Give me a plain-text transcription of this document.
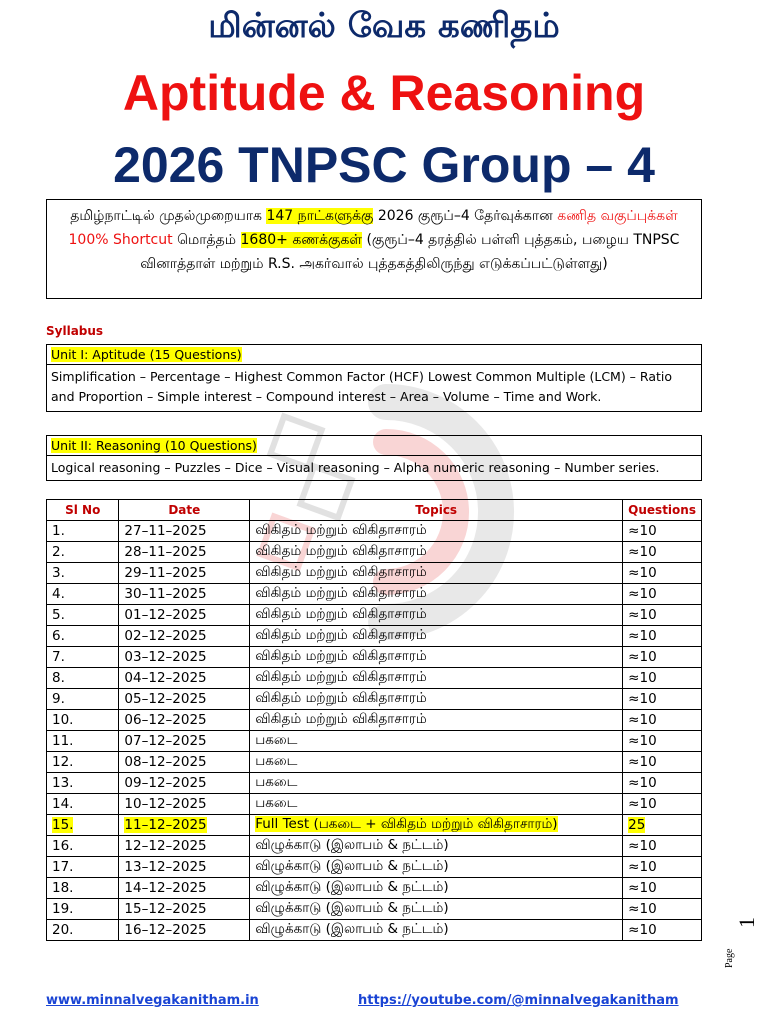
மின்னல் வேக கணிதம்
Aptitude & Reasoning
2026 TNPSC Group – 4
தமிழ்நாட்டில் முதல்முறையாக 147 நாட்களுக்கு 2026 குரூப்–4 தேர்வுக்கான கணித வகுப்புக்கள் 100% Shortcut மொத்தம் 1680+ கணக்குகள் (குரூப்–4 தரத்தில் பள்ளி புத்தகம், பழைய TNPSC வினாத்தாள் மற்றும் R.S. அகர்வால் புத்தகத்திலிருந்து எடுக்கப்பட்டுள்ளது)
Syllabus
Unit I: Aptitude (15 Questions)
Simplification – Percentage – Highest Common Factor (HCF) Lowest Common Multiple (LCM) – Ratio and Proportion – Simple interest – Compound interest – Area – Volume – Time and Work.
Unit II: Reasoning (10 Questions)
Logical reasoning – Puzzles – Dice – Visual reasoning – Alpha numeric reasoning – Number series.
Sl No	Date	Topics	Questions
1.	27–11–2025	விகிதம் மற்றும் விகிதாசாரம்	≈10
2.	28–11–2025	விகிதம் மற்றும் விகிதாசாரம்	≈10
3.	29–11–2025	விகிதம் மற்றும் விகிதாசாரம்	≈10
4.	30–11–2025	விகிதம் மற்றும் விகிதாசாரம்	≈10
5.	01–12–2025	விகிதம் மற்றும் விகிதாசாரம்	≈10
6.	02–12–2025	விகிதம் மற்றும் விகிதாசாரம்	≈10
7.	03–12–2025	விகிதம் மற்றும் விகிதாசாரம்	≈10
8.	04–12–2025	விகிதம் மற்றும் விகிதாசாரம்	≈10
9.	05–12–2025	விகிதம் மற்றும் விகிதாசாரம்	≈10
10.	06–12–2025	விகிதம் மற்றும் விகிதாசாரம்	≈10
11.	07–12–2025	பகடை	≈10
12.	08–12–2025	பகடை	≈10
13.	09–12–2025	பகடை	≈10
14.	10–12–2025	பகடை	≈10
15.	11–12–2025	Full Test (பகடை + விகிதம் மற்றும் விகிதாசாரம்)	25
16.	12–12–2025	விழுக்காடு (இலாபம் & நட்டம்)	≈10
17.	13–12–2025	விழுக்காடு (இலாபம் & நட்டம்)	≈10
18.	14–12–2025	விழுக்காடு (இலாபம் & நட்டம்)	≈10
19.	15–12–2025	விழுக்காடு (இலாபம் & நட்டம்)	≈10
20.	16–12–2025	விழுக்காடு (இலாபம் & நட்டம்)	≈10
www.minnalvegakanitham.in	https://youtube.com/@minnalvegakanitham
Page
1
